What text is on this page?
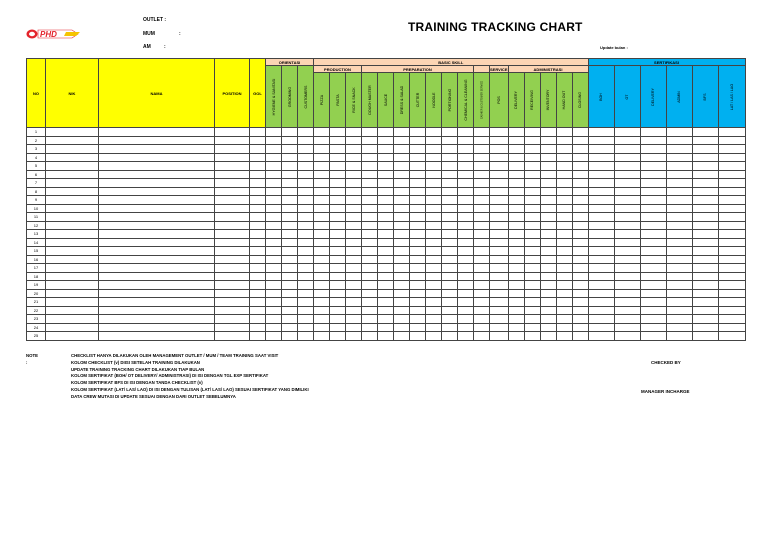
PHD
OUTLET :
MUM	:
AM	:
TRAINING TRACKING CHART
Update bulan :
NO	NIK	NAMA	POSITION	GOL	ORIENTASI			BASIC SKILL																	SERTIFIKASI					

					HYGIENE & SANITASI	GROOMING	CUSTOMERS	PRODUCTION			PREPARATION								SERVICE	ADMINISTRASI					BOH	OT	DELIVERY	ADMIN	BFS	LAT / LAS / LAO

								PIZZA	PASTA	RICE & SNACK	DOUGH MASTER	SAUCE	DRESS & SALAD	CUTTER	NOODLE	PORTIONING	CHEMICAL & CLEANING	CASHIER & CUSTOMER SERVICE	POS	DELIVERY	RECEIVING	INVENTORY	HAND OUT	CLOSING						

1																														
2																														
3																														
4																														
5																														
6																														
7																														
8																														
9																														
10																														
11																														
12																														
13																														
14																														
15																														
16																														
17																														
18																														
19																														
20																														
21																														
22																														
23																														
24																														
25																														
NOTE :
CHECKLIST HANYA DILAKUKAN OLEH MANAGEMENT OUTLET / MUM / TEAM TRAINING SAAT VISIT
KOLOM CHECKLIST (v) DIISI SETELAH TRAINING DILAKUKAN
UPDATE TRAINING TRACKING CHART DILAKUKAN TIAP BULAN
KOLOM SERTIFIKAT (BOH/ OT DELIVERY/ ADMINISTRASI) DI ISI DENGAN TGL EXP SERTIFIKAT
KOLOM SERTIFIKAT BFS DI ISI DENGAN TANDA CHECKLIST (v)
KOLOM SERTIFIKAT (LAT/ LAS/ LAO) DI ISI DENGAN TULISAN (LAT/ LAS/ LAO) SESUAI SERTIFIKAT YANG DIMILIKI
DATA CREW MUTASI DI UPDATE SESUAI DENGAN DARI OUTLET SEBELUMNYA
CHECKED BY
MANAGER INCHARGE
